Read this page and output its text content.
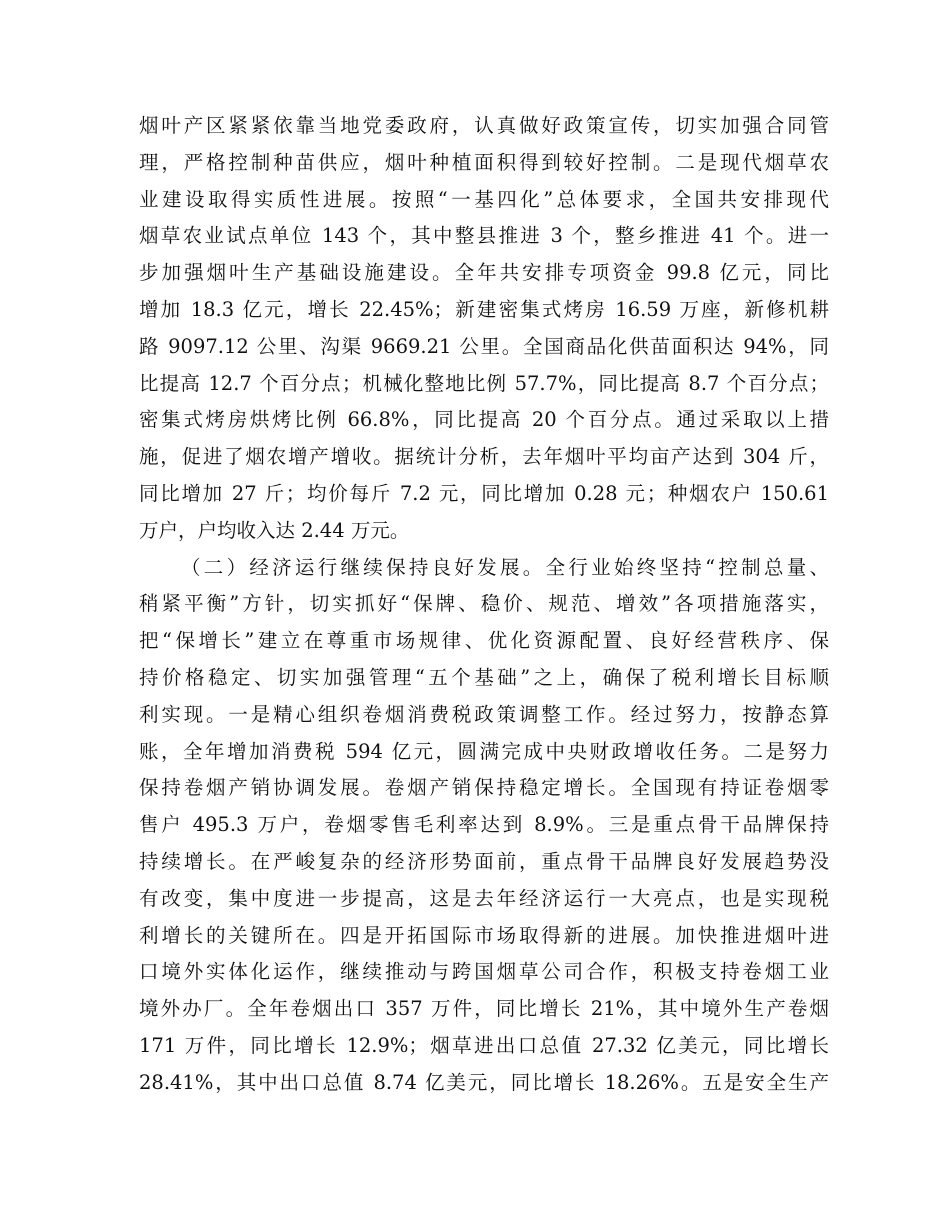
烟叶产区紧紧依靠当地党委政府，认真做好政策宣传，切实加强合同管
理，严格控制种苗供应，烟叶种植面积得到较好控制。二是现代烟草农
业建设取得实质性进展。按照“一基四化”总体要求，全国共安排现代
烟草农业试点单位 143 个，其中整县推进 3 个，整乡推进 41 个。进一
步加强烟叶生产基础设施建设。全年共安排专项资金 99.8 亿元，同比
增加 18.3 亿元，增长 22.45%；新建密集式烤房 16.59 万座，新修机耕
路 9097.12 公里、沟渠 9669.21 公里。全国商品化供苗面积达 94%，同
比提高 12.7 个百分点；机械化整地比例 57.7%，同比提高 8.7 个百分点；
密集式烤房烘烤比例 66.8%，同比提高 20 个百分点。通过采取以上措
施，促进了烟农增产增收。据统计分析，去年烟叶平均亩产达到 304 斤，
同比增加 27 斤；均价每斤 7.2 元，同比增加 0.28 元；种烟农户 150.61
万户，户均收入达 2.44 万元。
（二）经济运行继续保持良好发展。全行业始终坚持“控制总量、
稍紧平衡”方针，切实抓好“保牌、稳价、规范、增效”各项措施落实，
把“保增长”建立在尊重市场规律、优化资源配置、良好经营秩序、保
持价格稳定、切实加强管理“五个基础”之上，确保了税利增长目标顺
利实现。一是精心组织卷烟消费税政策调整工作。经过努力，按静态算
账，全年增加消费税 594 亿元，圆满完成中央财政增收任务。二是努力
保持卷烟产销协调发展。卷烟产销保持稳定增长。全国现有持证卷烟零
售户 495.3 万户，卷烟零售毛利率达到 8.9%。三是重点骨干品牌保持
持续增长。在严峻复杂的经济形势面前，重点骨干品牌良好发展趋势没
有改变，集中度进一步提高，这是去年经济运行一大亮点，也是实现税
利增长的关键所在。四是开拓国际市场取得新的进展。加快推进烟叶进
口境外实体化运作，继续推动与跨国烟草公司合作，积极支持卷烟工业
境外办厂。全年卷烟出口 357 万件，同比增长 21%，其中境外生产卷烟
171 万件，同比增长 12.9%；烟草进出口总值 27.32 亿美元，同比增长
28.41%，其中出口总值 8.74 亿美元，同比增长 18.26%。五是安全生产
